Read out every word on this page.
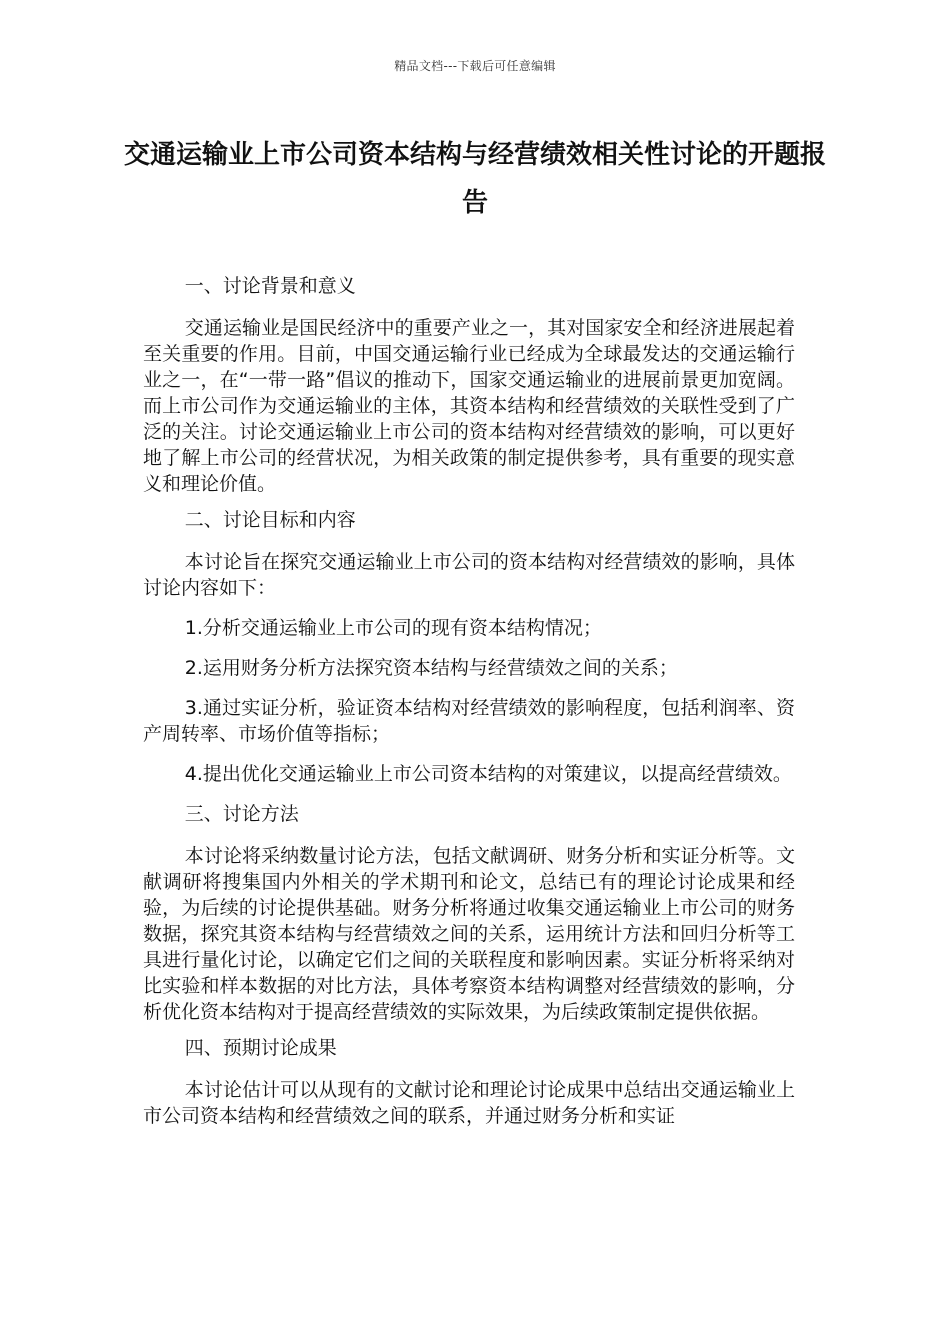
精品文档---下载后可任意编辑
交通运输业上市公司资本结构与经营绩效相关性讨论的开题报告

一、讨论背景和意义

交通运输业是国民经济中的重要产业之一，其对国家安全和经济进展起着至关重要的作用。目前，中国交通运输行业已经成为全球最发达的交通运输行业之一，在“一带一路”倡议的推动下，国家交通运输业的进展前景更加宽阔。而上市公司作为交通运输业的主体，其资本结构和经营绩效的关联性受到了广泛的关注。讨论交通运输业上市公司的资本结构对经营绩效的影响，可以更好地了解上市公司的经营状况，为相关政策的制定提供参考，具有重要的现实意义和理论价值。

二、讨论目标和内容

本讨论旨在探究交通运输业上市公司的资本结构对经营绩效的影响，具体讨论内容如下：

1.分析交通运输业上市公司的现有资本结构情况；

2.运用财务分析方法探究资本结构与经营绩效之间的关系；

3.通过实证分析，验证资本结构对经营绩效的影响程度，包括利润率、资产周转率、市场价值等指标；

4.提出优化交通运输业上市公司资本结构的对策建议，以提高经营绩效。

三、讨论方法

本讨论将采纳数量讨论方法，包括文献调研、财务分析和实证分析等。文献调研将搜集国内外相关的学术期刊和论文，总结已有的理论讨论成果和经验，为后续的讨论提供基础。财务分析将通过收集交通运输业上市公司的财务数据，探究其资本结构与经营绩效之间的关系，运用统计方法和回归分析等工具进行量化讨论，以确定它们之间的关联程度和影响因素。实证分析将采纳对比实验和样本数据的对比方法，具体考察资本结构调整对经营绩效的影响，分析优化资本结构对于提高经营绩效的实际效果，为后续政策制定提供依据。

四、预期讨论成果

本讨论估计可以从现有的文献讨论和理论讨论成果中总结出交通运输业上市公司资本结构和经营绩效之间的联系，并通过财务分析和实证
